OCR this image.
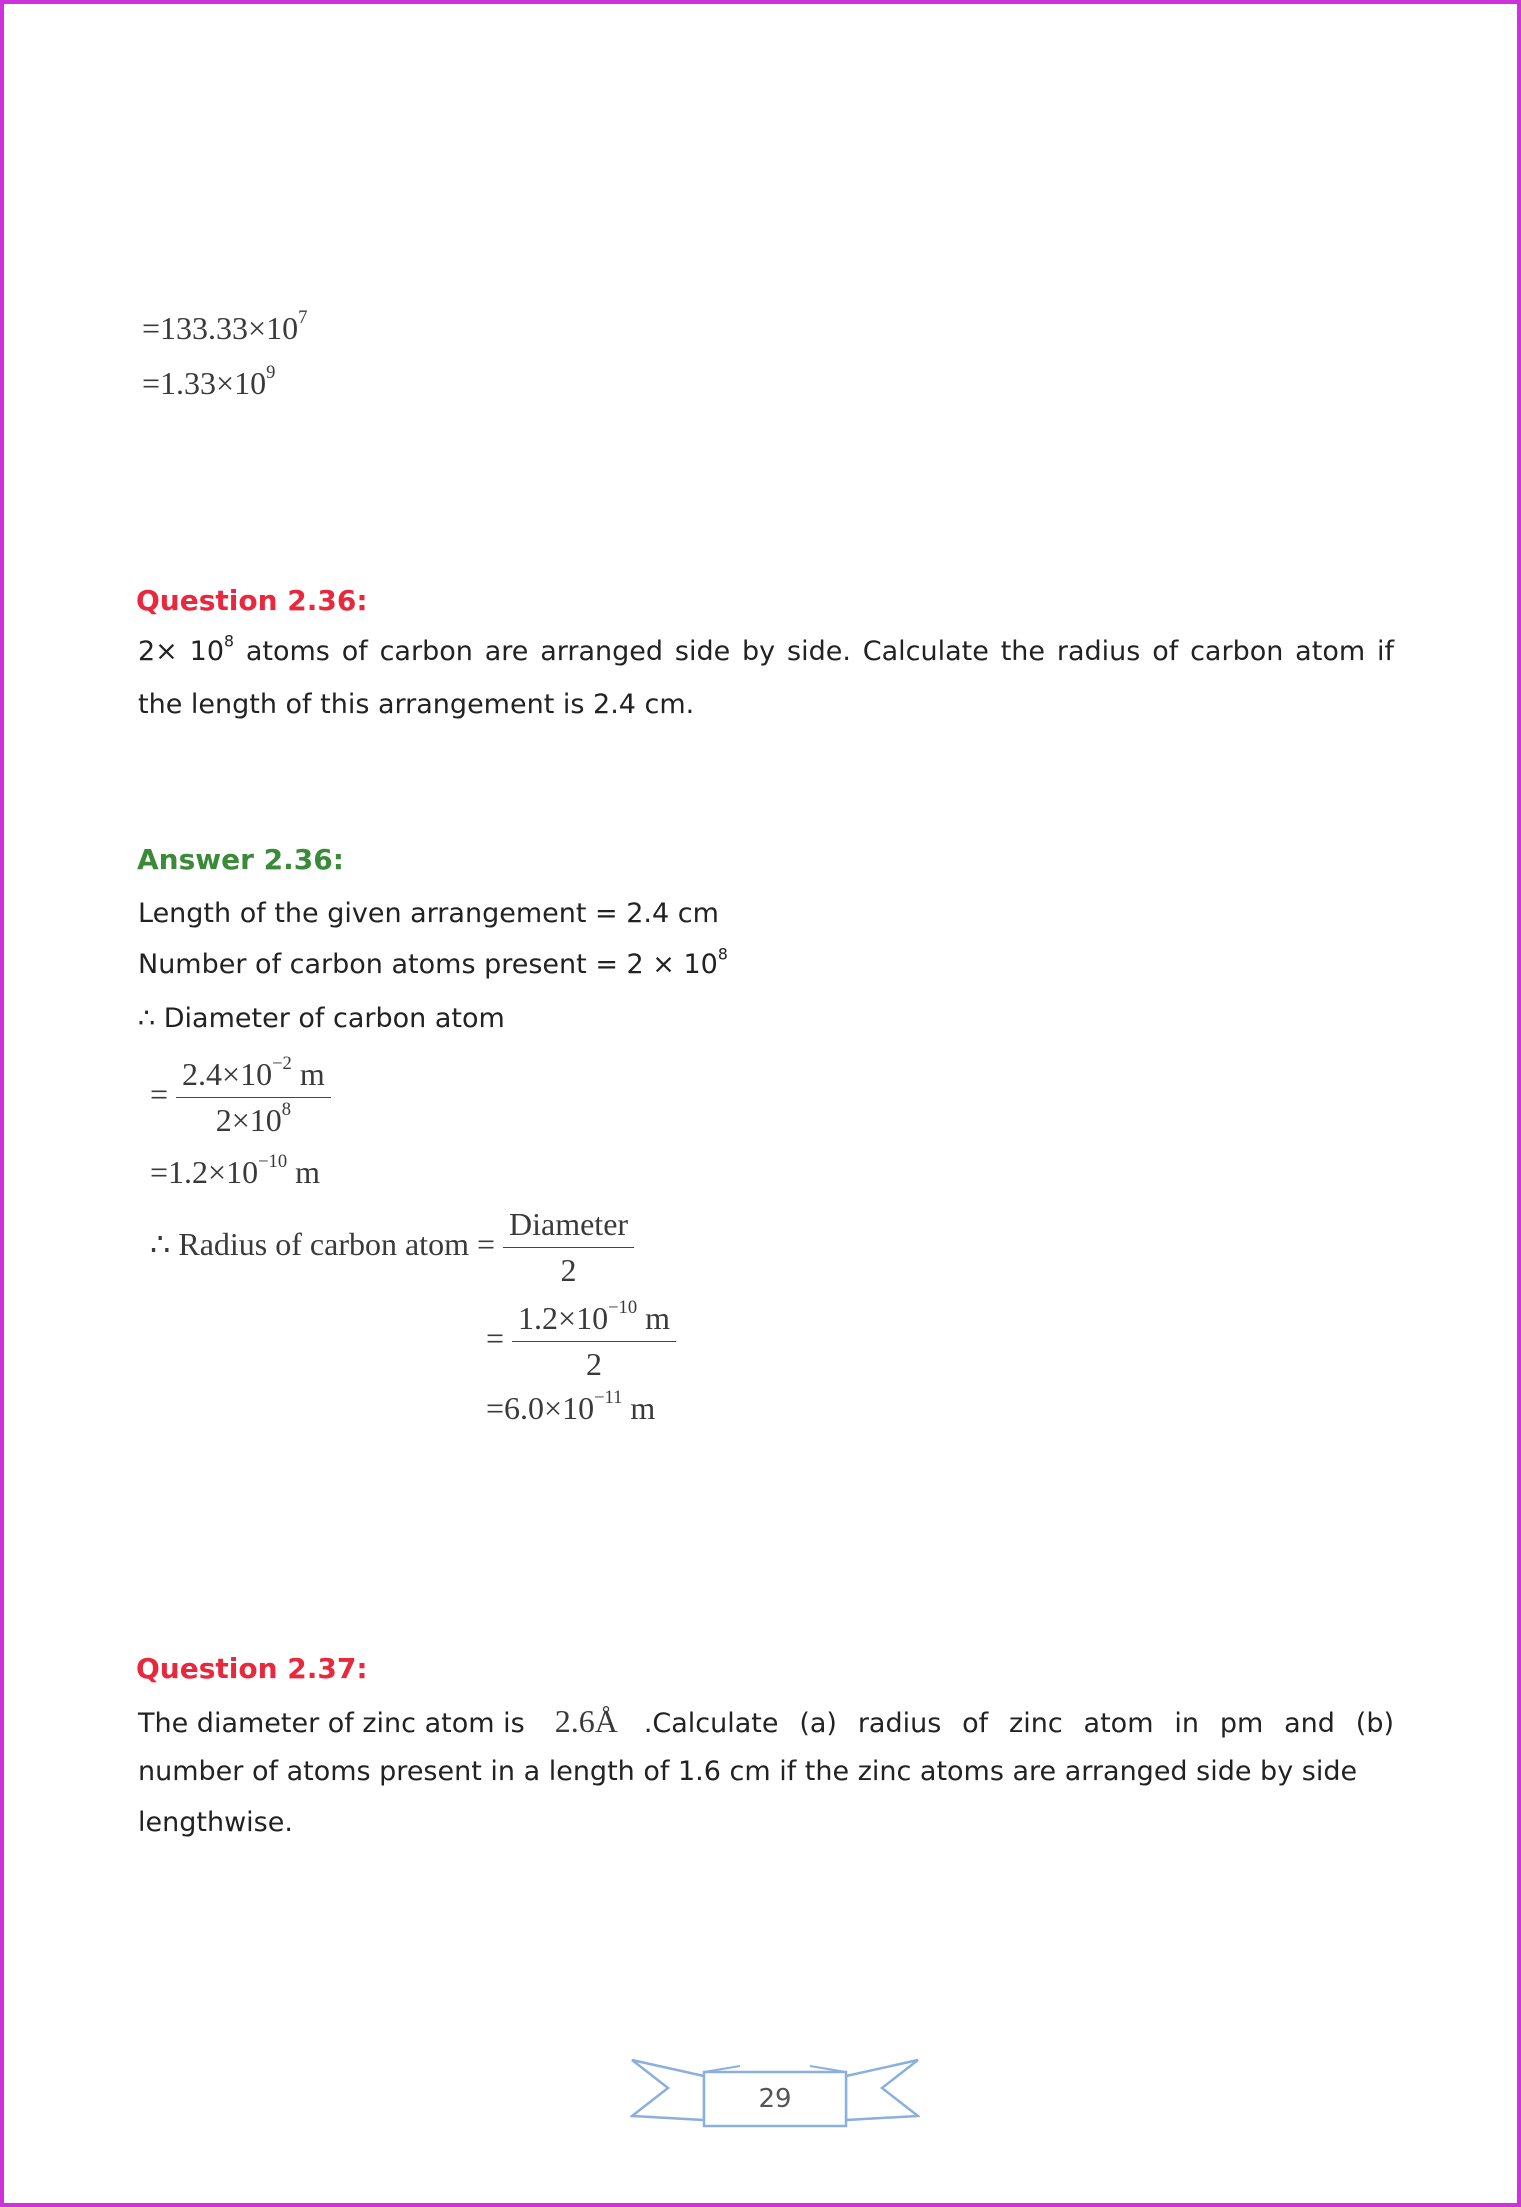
$=133.33\times 10^7$
$=1.33\times 10^9$
Question 2.36:
$2\times 10^8$ atoms of carbon are arranged side by side. Calculate the radius of carbon atom if
the length of this arrangement is 2.4 cm.
Answer 2.36:
Length of the given arrangement = 2.4 cm
Number of carbon atoms present = $2 \times 10^8$
∴ Diameter of carbon atom
= $\frac{2.4\times 10^{-2} m}{2\times 10^8}$
$=1.2\times 10^{-10}$ m
∴ Radius of carbon atom = $\frac{\text{Diameter}}{2}$
= $\frac{1.2\times 10^{-10} m}{2}$
$=6.0\times 10^{-11}$ m
Question 2.37:
The diameter of zinc atom is 2.6Å .Calculate (a) radius of zinc atom in pm and (b)
number of atoms present in a length of 1.6 cm if the zinc atoms are arranged side by side
lengthwise.
29
